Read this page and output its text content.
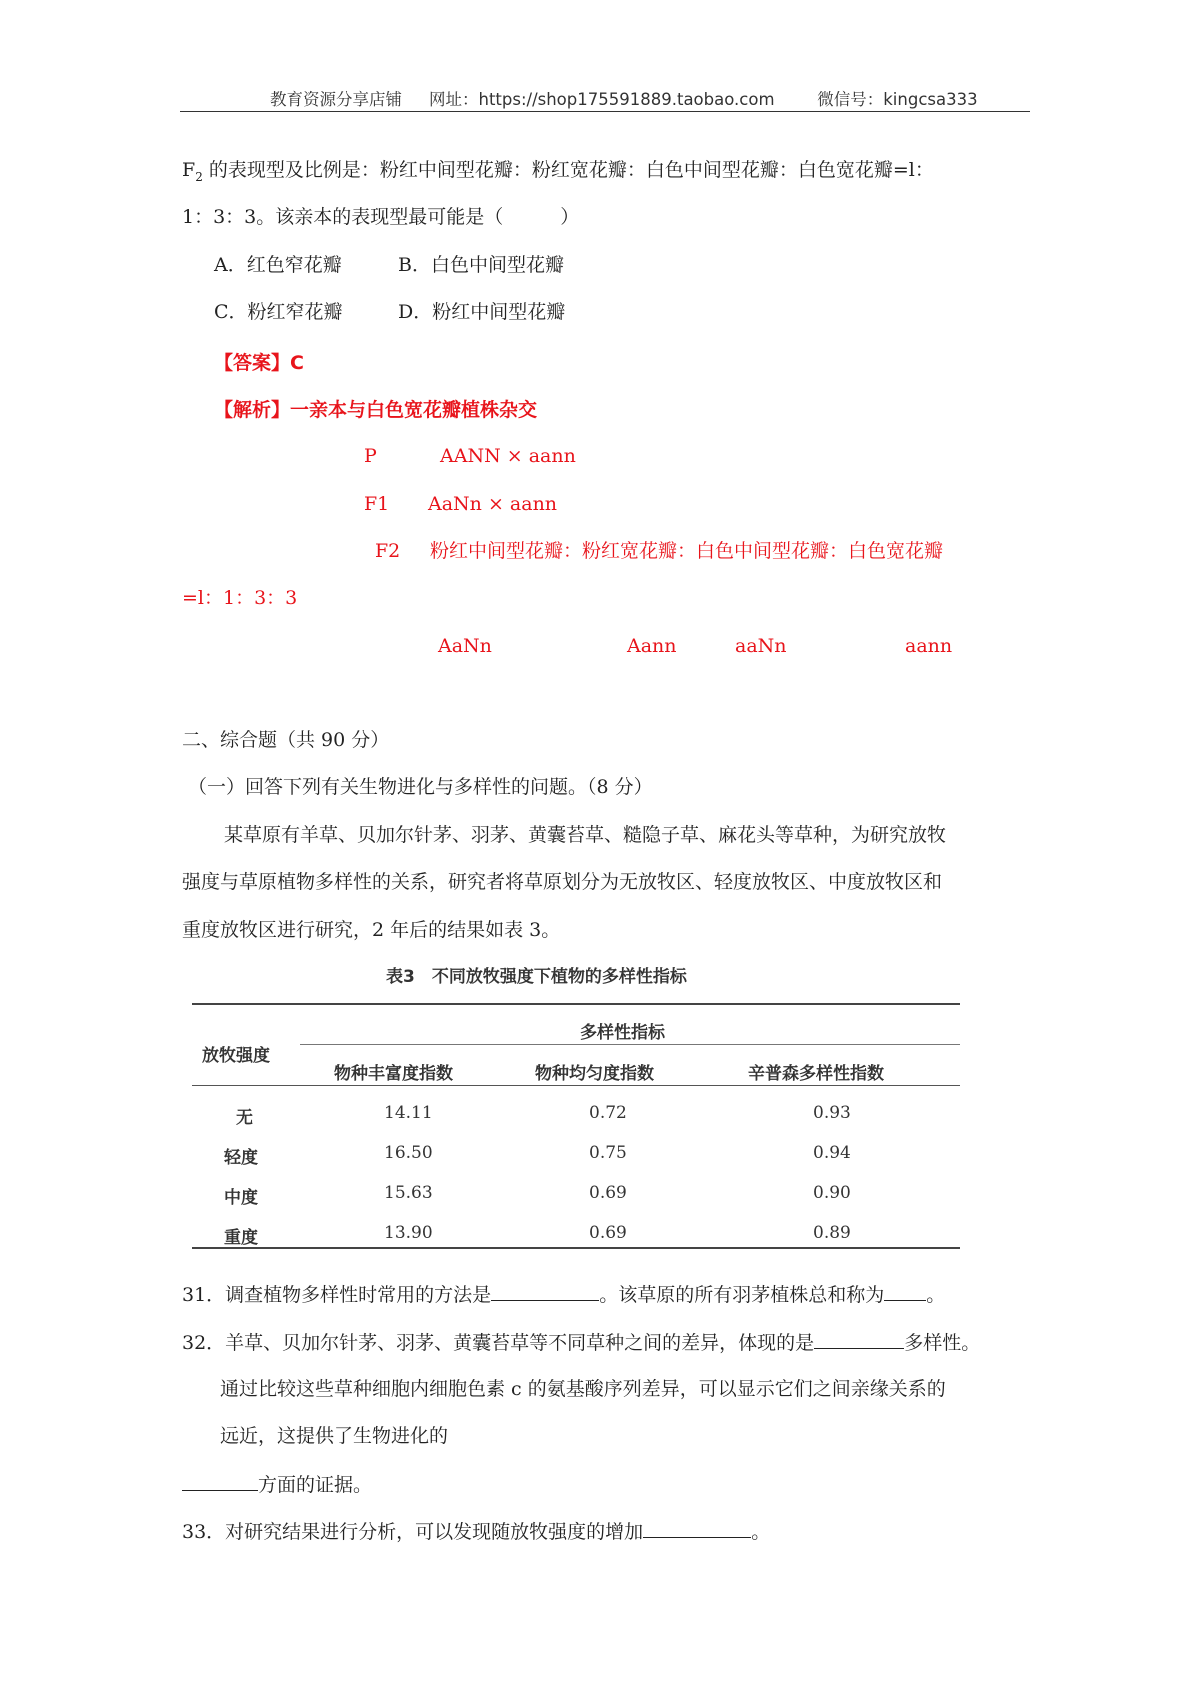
教育资源分享店铺 网址：https://shop175591889.taobao.com	微信号：kingcsa333
$F_2$ 的表现型及比例是：粉红中间型花瓣：粉红宽花瓣：白色中间型花瓣：白色宽花瓣=l：
1：3：3。该亲本的表现型最可能是（　　　）
A．红色窄花瓣	B．白色中间型花瓣
C．粉红窄花瓣	D．粉红中间型花瓣
【答案】C
【解析】一亲本与白色宽花瓣植株杂交
P	AANN × aann
F1 AaNn × aann
F2 粉红中间型花瓣：粉红宽花瓣：白色中间型花瓣：白色宽花瓣
=l：1：3：3
AaNn	Aann	aaNn	aann
二、综合题（共 90 分）
（一）回答下列有关生物进化与多样性的问题。（8 分）
某草原有羊草、贝加尔针茅、羽茅、黄囊苔草、糙隐子草、麻花头等草种，为研究放牧
强度与草原植物多样性的关系，研究者将草原划分为无放牧区、轻度放牧区、中度放牧区和
重度放牧区进行研究，2 年后的结果如表 3。
表3　不同放牧强度下植物的多样性指标
放牧强度
多样性指标
物种丰富度指数	物种均匀度指数	辛普森多样性指数
无	14.11	0.72	0.93
轻度	16.50	0.75	0.94
中度	15.63	0.69	0.90
重度	13.90	0.69	0.89
31．调查植物多样性时常用的方法是	。该草原的所有羽茅植株总和称为 。
32．羊草、贝加尔针茅、羽茅、黄囊苔草等不同草种之间的差异，体现的是	多样性。
通过比较这些草种细胞内细胞色素 c 的氨基酸序列差异，可以显示它们之间亲缘关系的
远近，这提供了生物进化的
方面的证据。
33．对研究结果进行分析，可以发现随放牧强度的增加	。
